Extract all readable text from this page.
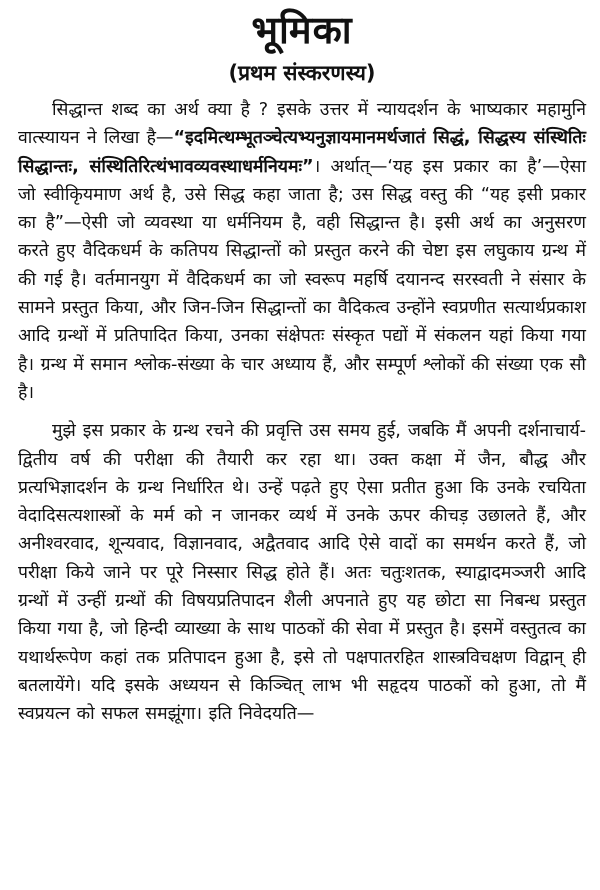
भूमिका
(प्रथम संस्करणस्य)

सिद्धान्त शब्द का अर्थ क्या है ? इसके उत्तर में न्यायदर्शन के भाष्यकार महामुनि वात्स्यायन ने लिखा है—“इदमित्थम्भूतञ्चेत्यभ्यनुज्ञायमानमर्थजातं सिद्धं, सिद्धस्य संस्थितिः सिद्धान्तः, संस्थितिरित्थंभावव्यवस्थाधर्मनियमः”। अर्थात्—‘यह इस प्रकार का है’—ऐसा जो स्वीकृियमाण अर्थ है, उसे सिद्ध कहा जाता है; उस सिद्ध वस्तु की “यह इसी प्रकार का है”—ऐसी जो व्यवस्था या धर्मनियम है, वही सिद्धान्त है। इसी अर्थ का अनुसरण करते हुए वैदिकधर्म के कतिपय सिद्धान्तों को प्रस्तुत करने की चेष्टा इस लघुकाय ग्रन्थ में की गई है। वर्तमानयुग में वैदिकधर्म का जो स्वरूप महर्षि दयानन्द सरस्वती ने संसार के सामने प्रस्तुत किया, और जिन-जिन सिद्धान्तों का वैदिकत्व उन्होंने स्वप्रणीत सत्यार्थप्रकाश आदि ग्रन्थों में प्रतिपादित किया, उनका संक्षेपतः संस्कृत पद्यों में संकलन यहां किया गया है। ग्रन्थ में समान श्लोक-संख्या के चार अध्याय हैं, और सम्पूर्ण श्लोकों की संख्या एक सौ है।

मुझे इस प्रकार के ग्रन्थ रचने की प्रवृत्ति उस समय हुई, जबकि मैं अपनी दर्शनाचार्य-द्वितीय वर्ष की परीक्षा की तैयारी कर रहा था। उक्त कक्षा में जैन, बौद्ध और प्रत्यभिज्ञादर्शन के ग्रन्थ निर्धारित थे। उन्हें पढ़ते हुए ऐसा प्रतीत हुआ कि उनके रचयिता वेदादिसत्यशास्त्रों के मर्म को न जानकर व्यर्थ में उनके ऊपर कीचड़ उछालते हैं, और अनीश्वरवाद, शून्यवाद, विज्ञानवाद, अद्वैतवाद आदि ऐसे वादों का समर्थन करते हैं, जो परीक्षा किये जाने पर पूरे निस्सार सिद्ध होते हैं। अतः चतुःशतक, स्याद्वादमञ्जरी आदि ग्रन्थों में उन्हीं ग्रन्थों की विषयप्रतिपादन शैली अपनाते हुए यह छोटा सा निबन्ध प्रस्तुत किया गया है, जो हिन्दी व्याख्या के साथ पाठकों की सेवा में प्रस्तुत है। इसमें वस्तुतत्व का यथार्थरूपेण कहां तक प्रतिपादन हुआ है, इसे तो पक्षपातरहित शास्त्रविचक्षण विद्वान् ही बतलायेंगे। यदि इसके अध्ययन से किञ्चित् लाभ भी सहृदय पाठकों को हुआ, तो मैं स्वप्रयत्न को सफल समझूंगा। इति निवेदयति—
